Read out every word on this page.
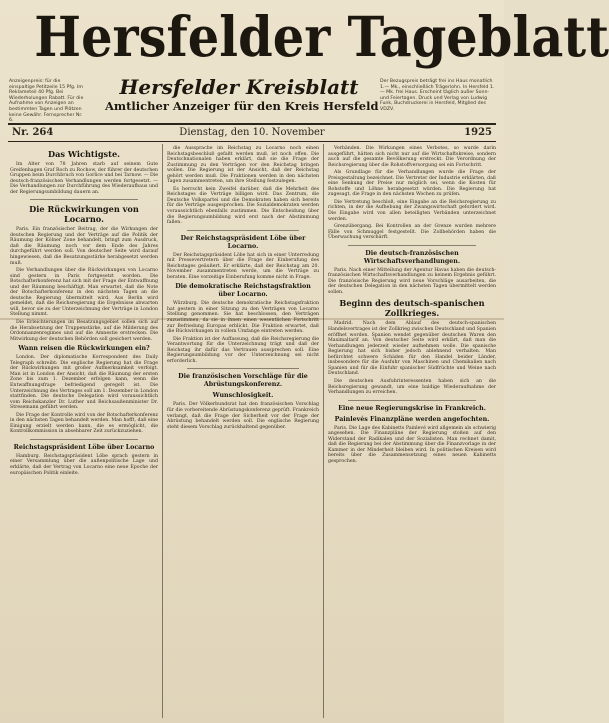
Hersfelder Tageblatt
Anzeigenpreis: für die einspaltige Petitzeile 15 Pfg. Im Reklameteil 40 Pfg. Bei Wiederholungen Rabatt. Für die Aufnahme von Anzeigen an bestimmten Tagen und Plätzen keine Gewähr. Fernsprecher Nr. 6.
Hersfelder Kreisblatt
Amtlicher Anzeiger für den Kreis Hersfeld
Der Bezugspreis beträgt frei ins Haus monatlich 1.— Mk., einschließlich Trägerlohn. In Hersfeld 1.— Mk. frei Haus. Erscheint täglich außer Sonn- und Feiertagen. Druck und Verlag von Ludwig Funk, Buchdruckerei in Hersfeld, Mitglied des VDZV.
Nr. 264	Dienstag, den 10. November	1925
Das Wichtigste.

Im Alter von 78 Jahren starb auf seinem Gute Greifenhagen Graf Roch zu Rochow, der führer der deutschen Gruppen beim Durchbruch von Gorlice und bei Tarnow. — Die deutsch-französischen Verhandlungen werden fortgesetzt. — Die Verhandlungen zur Durchführung des Wiederaufbaus und der Regierungsumbildung dauern an.

Die Rückwirkungen von Locarno.

Paris. Ein französischer Beitrag, der die Wirkungen der deutschen Regierung und der Verträge auf die Politik der Räumung der Kölner Zone behandelt, bringt zum Ausdruck, daß die Räumung noch vor dem Ende des Jahres durchgeführt werden soll. Von deutscher Seite wird darauf hingewiesen, daß die Besatzungsstärke herabgesetzt werden muß.

Die Verhandlungen über die Rückwirkungen von Locarno sind gestern in Paris fortgesetzt worden. Die Botschafterkonferenz hat sich mit der Frage der Entwaffnung und der Räumung beschäftigt. Man erwartet, daß die Note der Botschafterkonferenz in den nächsten Tagen an die deutsche Regierung übermittelt wird. Aus Berlin wird gemeldet, daß die Reichsregierung die Ergebnisse abwarten will, bevor sie zu der Unterzeichnung der Verträge in London Stellung nimmt.

Die Erleichterungen im Besatzungsgebiet sollen sich auf die Herabsetzung der Truppenstärke, auf die Milderung des Ordonnanzenregimes und auf die Amnestie erstrecken. Die Mitwirkung der deutschen Behörden soll gesichert werden.

Wann reisen die Rückwirkungen ein?

London. Der diplomatische Korrespondent des Daily Telegraph schreibt: Die englische Regierung hat die Frage der Rückwirkungen mit großer Aufmerksamkeit verfolgt. Man ist in London der Ansicht, daß die Räumung der ersten Zone bis zum 1. Dezember erfolgen kann, wenn die Entwaffnungsfrage befriedigend geregelt ist. Die Unterzeichnung des Vertrages soll am 1. Dezember in London stattfinden. Die deutsche Delegation wird voraussichtlich vom Reichskanzler Dr. Luther und Reichsaußenminister Dr. Stresemann geführt werden.

Die Frage der Kontrolle wird von der Botschafterkonferenz in den nächsten Tagen behandelt werden. Man hofft, daß eine Einigung erzielt werden kann, die es ermöglicht, die Kontrollkommission in absehbarer Zeit zurückzuziehen.

Reichstagspräsident Löbe über Locarno

Hamburg. Reichstagspräsident Löbe sprach gestern in einer Versammlung über die außenpolitische Lage und erklärte, daß der Vertrag von Locarno eine neue Epoche der europäischen Politik einleite.

die Aussprache im Reichstag zu Locarno noch einen Reichstagsbeschluß gefaßt werden muß, ist noch offen. Die Deutschnationalen haben erklärt, daß sie die Frage der Zustimmung zu den Verträgen vor den Reichstag bringen wollen. Die Regierung ist der Ansicht, daß der Reichstag gehört werden muß. Die Fraktionen werden in den nächsten Tagen zusammentreten, um ihre Stellung festzulegen.

Es herrscht kein Zweifel darüber, daß die Mehrheit des Reichstages die Verträge billigen wird. Das Zentrum, die Deutsche Volkspartei und die Demokraten haben sich bereits für die Verträge ausgesprochen. Die Sozialdemokraten werden voraussichtlich ebenfalls zustimmen. Die Entscheidung über die Regierungsumbildung wird erst nach der Abstimmung fallen.

Der Reichstagspräsident Löbe über Locarno.

Der Reichstagspräsident Löbe hat sich in einer Unterredung mit Pressevertretern über die Frage der Einberufung des Reichstages geäußert. Er erklärte, daß der Reichstag am 20. November zusammentreten werde, um die Verträge zu beraten. Eine vorzeitige Einberufung komme nicht in Frage.

Die demokratische Reichstagsfraktion über Locarno.

Würzburg. Die deutsche demokratische Reichstagsfraktion hat gestern in einer Sitzung zu den Verträgen von Locarno Stellung genommen. Sie hat beschlossen, den Verträgen zuzustimmen, da sie in ihnen einen wesentlichen Fortschritt zur Befriedung Europas erblickt. Die Fraktion erwartet, daß die Rückwirkungen in vollem Umfange eintreten werden.

Die Fraktion ist der Auffassung, daß die Reichsregierung die Verantwortung für die Unterzeichnung trägt und daß der Reichstag ihr dafür das Vertrauen aussprechen soll. Eine Regierungsumbildung vor der Unterzeichnung sei nicht erforderlich.

Die französischen Vorschläge für die Abrüstungskonferenz.
Wunschlosigkeit.

Paris. Der Völkerbundsrat hat den französischen Vorschlag für die vorbereitende Abrüstungskonferenz geprüft. Frankreich verlangt, daß die Frage der Sicherheit vor der Frage der Abrüstung behandelt werden soll. Die englische Regierung steht diesem Vorschlag zurückhaltend gegenüber.

Verbänden. Die Wirkungen eines Verbotes, so wurde darin ausgeführt, hätten sich nicht nur auf die Wirtschaftskreise, sondern auch auf die gesamte Bevölkerung erstreckt. Die Verordnung der Reichsregierung über die Rohstoffversorgung sei ein Fortschritt.

Als Grundlage für die Verhandlungen wurde die Frage der Preisgestaltung bezeichnet. Die Vertreter der Industrie erklärten, daß eine Senkung der Preise nur möglich sei, wenn die Kosten für Rohstoffe und Löhne herabgesetzt würden. Die Regierung hat zugesagt, die Frage in den nächsten Wochen zu prüfen.

Die Vertretung beschloß, eine Eingabe an die Reichsregierung zu richten, in der die Aufhebung der Zwangswirtschaft gefordert wird. Die Eingabe wird von allen beteiligten Verbänden unterzeichnet werden.

Grenzübergang. Bei Kontrollen an der Grenze wurden mehrere Fälle von Schmuggel festgestellt. Die Zollbehörden haben die Überwachung verschärft.

Die deutsch-französischen Wirtschaftsverhandlungen.

Paris. Nach einer Mitteilung der Agentur Havas haben die deutsch-französischen Wirtschaftsverhandlungen zu keinem Ergebnis geführt. Die französische Regierung wird neue Vorschläge ausarbeiten, die der deutschen Delegation in den nächsten Tagen übermittelt werden sollen.

Beginn des deutsch-spanischen Zollkrieges.

Madrid. Nach dem Ablauf des deutsch-spanischen Handelsvertrages ist der Zollkrieg zwischen Deutschland und Spanien eröffnet worden. Spanien wendet gegenüber deutschen Waren den Maximaltarif an. Von deutscher Seite wird erklärt, daß man die Verhandlungen jederzeit wieder aufnehmen wolle. Die spanische Regierung hat sich bisher jedoch ablehnend verhalten. Man befürchtet schwere Schäden für den Handel beider Länder, insbesondere für die Ausfuhr von Maschinen und Chemikalien nach Spanien und für die Einfuhr spanischer Südfrüchte und Weine nach Deutschland.

Die deutschen Ausfuhrinteressenten haben sich an die Reichsregierung gewandt, um eine baldige Wiederaufnahme der Verhandlungen zu erreichen.

Eine neue Regierungskrise in Frankreich.
Painlevés Finanzpläne werden angefochten.

Paris. Die Lage des Kabinetts Painlevé wird allgemein als schwierig angesehen. Die Finanzpläne der Regierung stoßen auf den Widerstand der Radikalen und der Sozialisten. Man rechnet damit, daß die Regierung bei der Abstimmung über die Finanzvorlage in der Kammer in der Minderheit bleiben wird. In politischen Kreisen wird bereits über die Zusammensetzung eines neuen Kabinetts gesprochen.
